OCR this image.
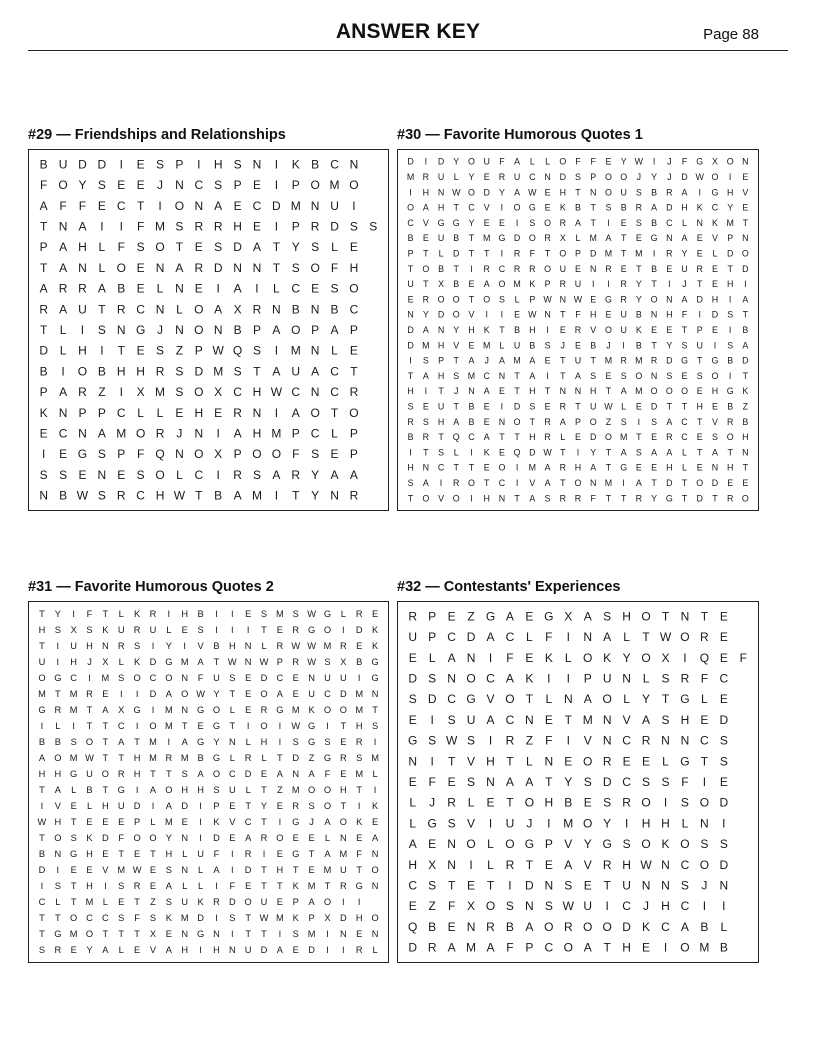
ANSWER KEY	Page 88
#29 — Friendships and Relationships
B U D D I E S P I H S N I K B C N
F O Y S E E J N C S P E I P O M O
A F F E C T I O N A E C D M N U I
T N A I I F M S R R H E I P R D S S
P A H L F S O T E S D A T Y S L E
T A N L O E N A R D N N T S O F H
A R R A B E L N E I A I L C E S O
R A U T R C N L O A X R N B N B C
T L I S N G J N O N B P A O P A P
D L H I T E S Z P W Q S I M N L E
B I O B H H R S D M S T A U A C T
P A R Z I X M S O X C H W C N C R
K N P P C L L E H E R N I A O T O
E C N A M O R J N I A H M P C L P
I E G S P F Q N O X P O O F S E P
S S E N E S O L C I R S A R Y A A
N B W S R C H W T B A M I T Y N R
#30 — Favorite Humorous Quotes 1
D I D Y O U F A L L O F F E Y W I J F G X O N
M R U L Y E R U C N D S P O O J Y J D W O I E
I H N W O D Y A W E H T N O U S B R A I G H V
O A H T C V I O G E K B T S B R A D H K C Y E
C V G G Y E E I S O R A T I E S B C L N K M T
B E U B T M G D O R X L M A T E G N A E V P N
P T L D T T I R F T O P D M T M I R Y E L D O
T O B T I R C R R O U E N R E T B E U R E Т D
U T X B E A O M K P R U I I R Y T I J T E H I
E R O O T O S L P W N W E G R Y O N A D H I A
N Y D O V I I E W N T F H E U B N H F I D S T
D A N Y H K T B H I E R V O U K E E T P E I B
D M H V E M L U B S J E B J I B T Y S U I S A
I S P T A J A M A E T U T M R M R D G T G B D
T A H S M C N T A I T A S E S O N S E S O I T
H I T J N A E T H T N N H T A M O O O E H G K
S E U T B E I D S E R T U W L E D T T H E B Z
R S H A B E N O T R A P O Z S I S A C T V R B
B R T Q C A T T H R L E D O M T E R C E S O H
I T S L I K E Q D W T I Y T A S A A L T A T N
H N C T T E O I M A R H A T G E E H L E N H T
S A I R O T C I V A T O N M I A T D T O D E E
T O V O I H N T A S R R F T T R Y G T D T R O
#31 — Favorite Humorous Quotes 2
T Y I F T L K R I H B I I E S M S W G L R E
H S X S K U R U L E S I I I T E R G O I D K
T I U H N R S I Y I V B H N L R W W M R E K
U I H J X L K D G M A T W N W P R W S X B G
O G C I M S O C O N F U S E D C E N U U I G
M T M R E I I D A O W Y T E O A E U C D M N
G R M T A X G I M N G O L E R G M K O O M T
I L I T T C I O M T E G T I O I W G I T H S
B B S O T A T M I A G Y N L H I S G S E R I
A O M W T T H M R M B G L R L T D Z G R S M
H H G U O R H T T S A O C D E A N A F E M L
T A L B T G I A O H H S U L T Z M O O H T I
I V E L H U D I A D I P E T Y E R S O T I K
W H T E E E P L M E I K V C T I G J A O K E
T O S K D F O O Y N I D E A R O E E L N E A
B N G H E T E T H L U F I R I E G T A M F N
D I E E V M W E S N L A I D T H T E M U T O
I S T H I S R E A L L I F E T T K M T R G N
C L T M L E T Z S U K R D O U E P A O I I
T T O C C S F S K M D I S T W M K P X D H O
T G M O T T T X E N G N I T T I S M I N E N
S R E Y A L E V A H I H N U D A E D I I R L
#32 — Contestants' Experiences
R P E Z G A E G X A S H O T N T E
U P C D A C L F I N A L T W O R E
E L A N I F E K L O K Y O X I Q E F
D S N O C A K I I P U N L S R F C
S D C G V O T L N A O L Y T G L E
E I S U A C N E T M N V A S H E D
G S W S I R Z F I V N C R N N C S
N I T V H T L N E O R E E L G T S
E F E S N A A T Y S D C S S F I E
L J R L E T O H B E S R O I S O D
L G S V I U J I M O Y I H H L N I
A E N O L O G P V Y G S O K O S S
H X N I L R T E A V R H W N C O D
C S T E T I D N S E T U N N S J N
E Z F X O S N S W U I C J H C I I
Q B E N R B A O R O O D K C A B L
D R A M A F P C O A T H E I O M B
